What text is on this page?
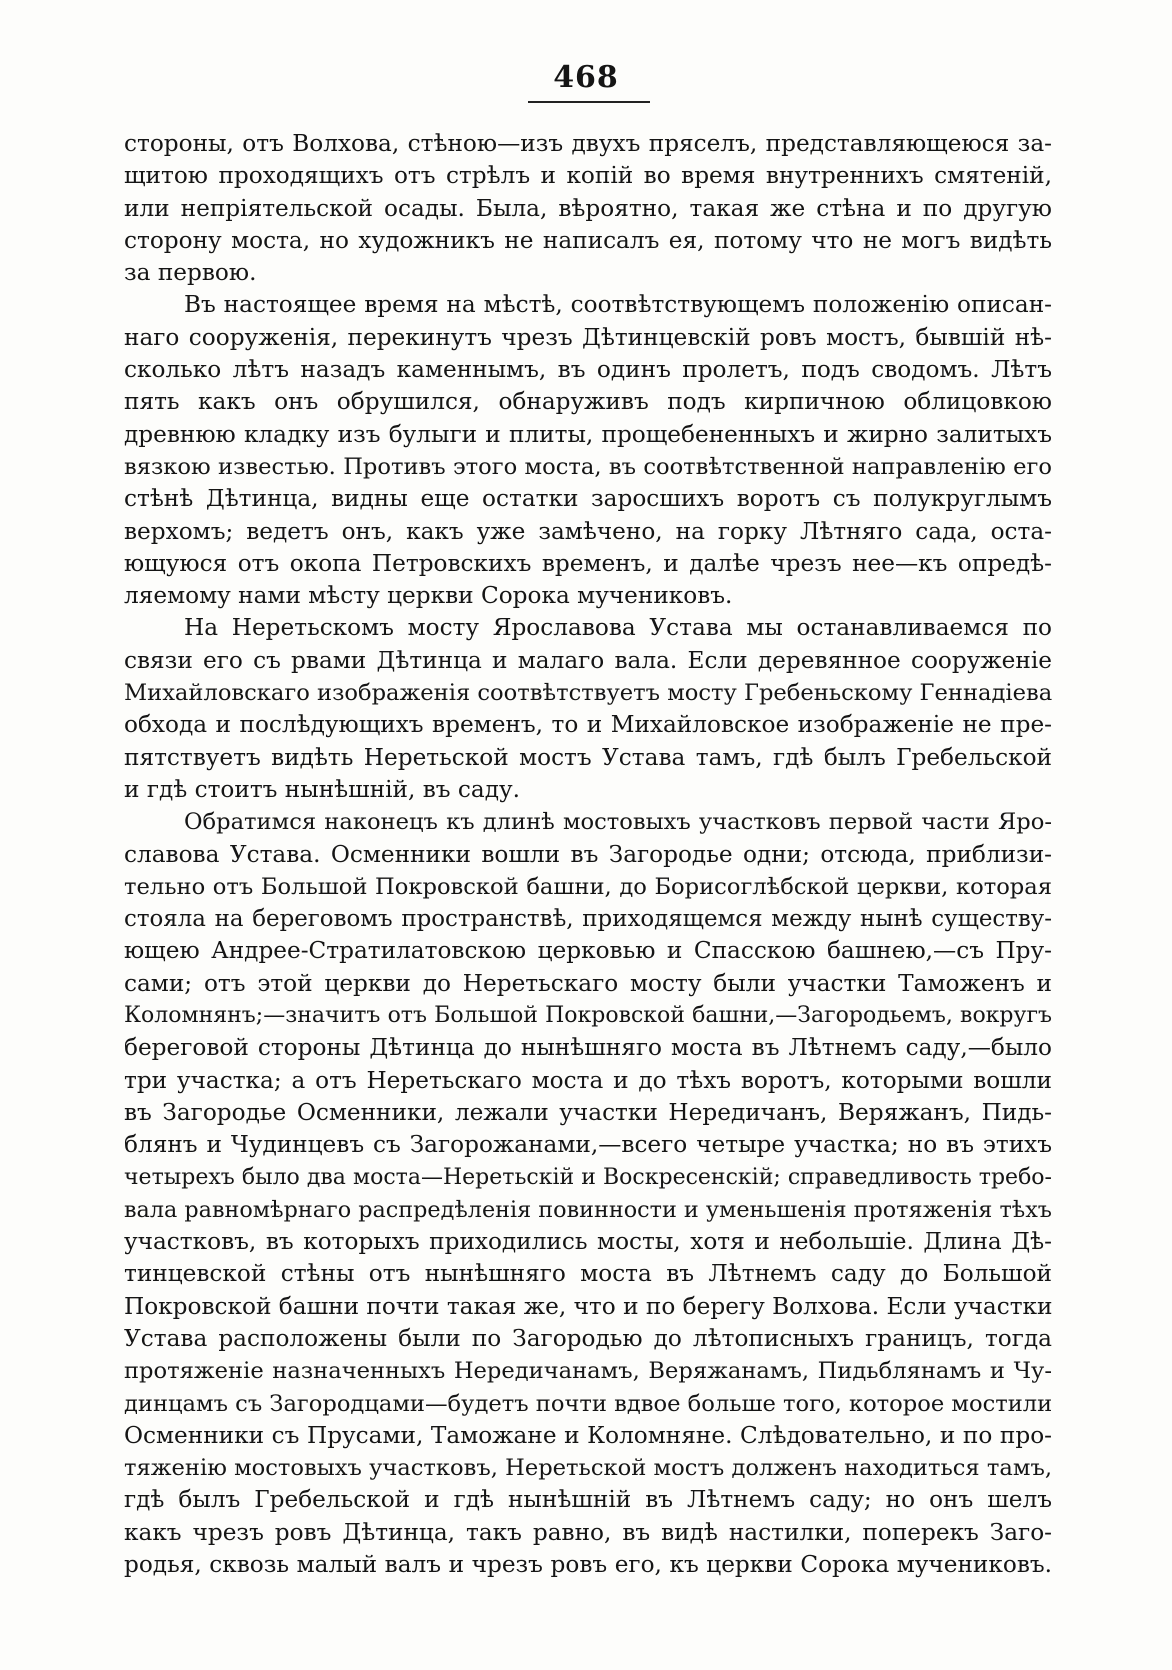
468
стороны, отъ Волхова, стѣною—изъ двухъ пряселъ, представляющеюся за-
щитою проходящихъ отъ стрѣлъ и копій во время внутреннихъ смятеній,
или непріятельской осады. Была, вѣроятно, такая же стѣна и по другую
сторону моста, но художникъ не написалъ ея, потому что не могъ видѣть
за первою.
Въ настоящее время на мѣстѣ, соотвѣтствующемъ положенію описан-
наго сооруженія, перекинутъ чрезъ Дѣтинцевскій ровъ мостъ, бывшій нѣ-
сколько лѣтъ назадъ каменнымъ, въ одинъ пролетъ, подъ сводомъ. Лѣтъ
пять какъ онъ обрушился, обнаруживъ подъ кирпичною облицовкою
древнюю кладку изъ булыги и плиты, прощебененныхъ и жирно залитыхъ
вязкою известью. Противъ этого моста, въ соотвѣтственной направленію его
стѣнѣ Дѣтинца, видны еще остатки заросшихъ воротъ съ полукруглымъ
верхомъ; ведетъ онъ, какъ уже замѣчено, на горку Лѣтняго сада, оста-
ющуюся отъ окопа Петровскихъ временъ, и далѣе чрезъ нее—къ опредѣ-
ляемому нами мѣсту церкви Сорока мучениковъ.
На Неретьскомъ мосту Ярославова Устава мы останавливаемся по
связи его съ рвами Дѣтинца и малаго вала. Если деревянное сооруженіе
Михайловскаго изображенія соотвѣтствуетъ мосту Гребеньскому Геннадіева
обхода и послѣдующихъ временъ, то и Михайловское изображеніе не пре-
пятствуетъ видѣть Неретьской мостъ Устава тамъ, гдѣ былъ Гребельской
и гдѣ стоитъ нынѣшній, въ саду.
Обратимся наконецъ къ длинѣ мостовыхъ участковъ первой части Яро-
славова Устава. Осменники вошли въ Загородье одни; отсюда, приблизи-
тельно отъ Большой Покровской башни, до Борисоглѣбской церкви, которая
стояла на береговомъ пространствѣ, приходящемся между нынѣ существу-
ющею Андрее-Стратилатовскою церковью и Спасскою башнею,—съ Пру-
сами; отъ этой церкви до Неретьскаго мосту были участки Таможенъ и
Коломнянъ;—значитъ отъ Большой Покровской башни,—Загородьемъ, вокругъ
береговой стороны Дѣтинца до нынѣшняго моста въ Лѣтнемъ саду,—было
три участка; а отъ Неретьскаго моста и до тѣхъ воротъ, которыми вошли
въ Загородье Осменники, лежали участки Нередичанъ, Веряжанъ, Пидь-
блянъ и Чудинцевъ съ Загорожанами,—всего четыре участка; но въ этихъ
четырехъ было два моста—Неретьскій и Воскресенскій; справедливость требо-
вала равномѣрнаго распредѣленія повинности и уменьшенія протяженія тѣхъ
участковъ, въ которыхъ приходились мосты, хотя и небольшіе. Длина Дѣ-
тинцевской стѣны отъ нынѣшняго моста въ Лѣтнемъ саду до Большой
Покровской башни почти такая же, что и по берегу Волхова. Если участки
Устава расположены были по Загородью до лѣтописныхъ границъ, тогда
протяженіе назначенныхъ Нередичанамъ, Веряжанамъ, Пидьблянамъ и Чу-
динцамъ съ Загородцами—будетъ почти вдвое больше того, которое мостили
Осменники съ Прусами, Таможане и Коломняне. Слѣдовательно, и по про-
тяженію мостовыхъ участковъ, Неретьской мостъ долженъ находиться тамъ,
гдѣ былъ Гребельской и гдѣ нынѣшній въ Лѣтнемъ саду; но онъ шелъ
какъ чрезъ ровъ Дѣтинца, такъ равно, въ видѣ настилки, поперекъ Заго-
родья, сквозь малый валъ и чрезъ ровъ его, къ церкви Сорока мучениковъ.
